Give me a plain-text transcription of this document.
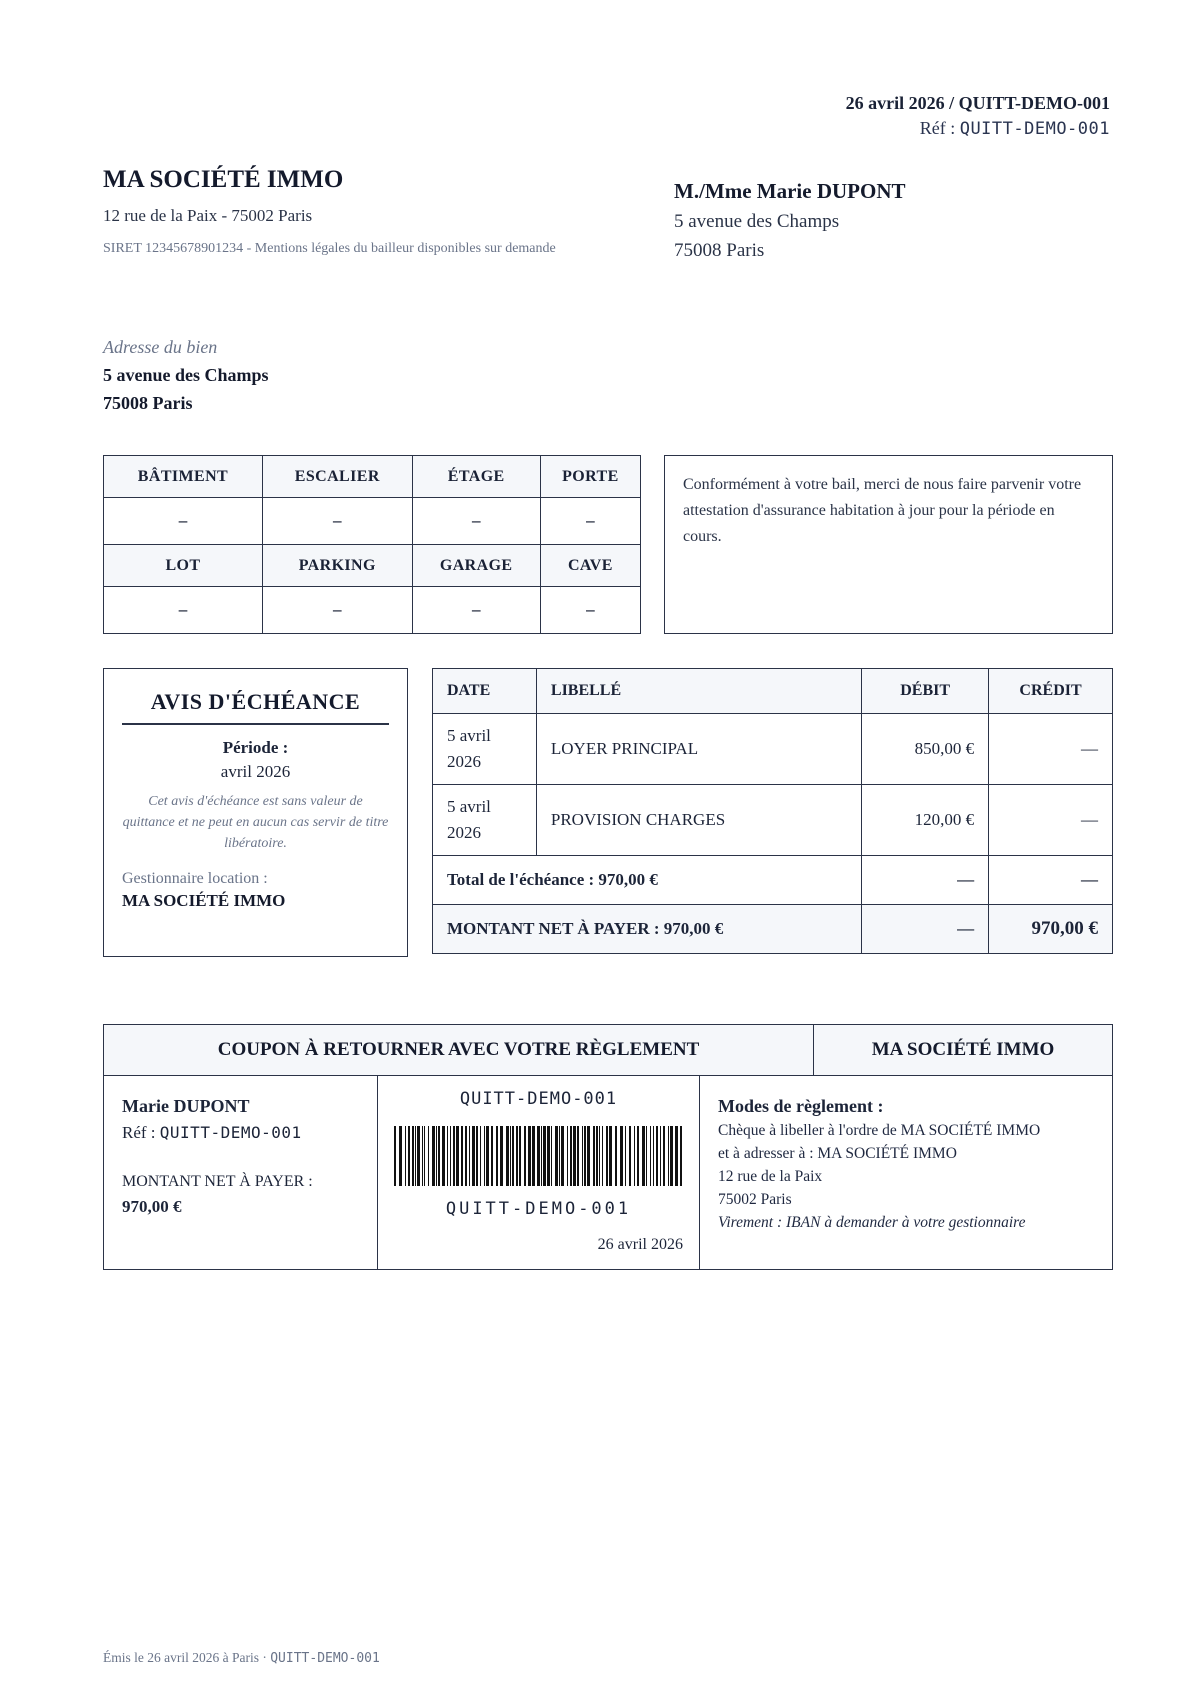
26 avril 2026 / QUITT-DEMO-001
Réf : QUITT-DEMO-001
MA SOCIÉTÉ IMMO
12 rue de la Paix - 75002 Paris
SIRET 12345678901234 - Mentions légales du bailleur disponibles sur demande
M./Mme Marie DUPONT
5 avenue des Champs
75008 Paris
Adresse du bien
5 avenue des Champs
75008 Paris
BÂTIMENT	ESCALIER	ÉTAGE	PORTE
–	–	–	–
LOT	PARKING	GARAGE	CAVE
–	–	–	–
Conformément à votre bail, merci de nous faire parvenir votre attestation d'assurance habitation à jour pour la période en cours.
AVIS D'ÉCHÉANCE
Période :
avril 2026
Cet avis d'échéance est sans valeur de quittance et ne peut en aucun cas servir de titre libératoire.
Gestionnaire location :
MA SOCIÉTÉ IMMO
DATE	LIBELLÉ	DÉBIT	CRÉDIT
5 avril 2026	LOYER PRINCIPAL	850,00 €	—
5 avril 2026	PROVISION CHARGES	120,00 €	—
Total de l'échéance : 970,00 €		—	—
MONTANT NET À PAYER : 970,00 €		—	970,00 €
COUPON À RETOURNER AVEC VOTRE RÈGLEMENT	MA SOCIÉTÉ IMMO
Marie DUPONT
Réf : QUITT-DEMO-001
MONTANT NET À PAYER :
970,00 €
QUITT-DEMO-001
QUITT-DEMO-001
26 avril 2026
Modes de règlement :
Chèque à libeller à l'ordre de MA SOCIÉTÉ IMMO
et à adresser à : MA SOCIÉTÉ IMMO
12 rue de la Paix
75002 Paris
Virement : IBAN à demander à votre gestionnaire
Émis le 26 avril 2026 à Paris · QUITT-DEMO-001
